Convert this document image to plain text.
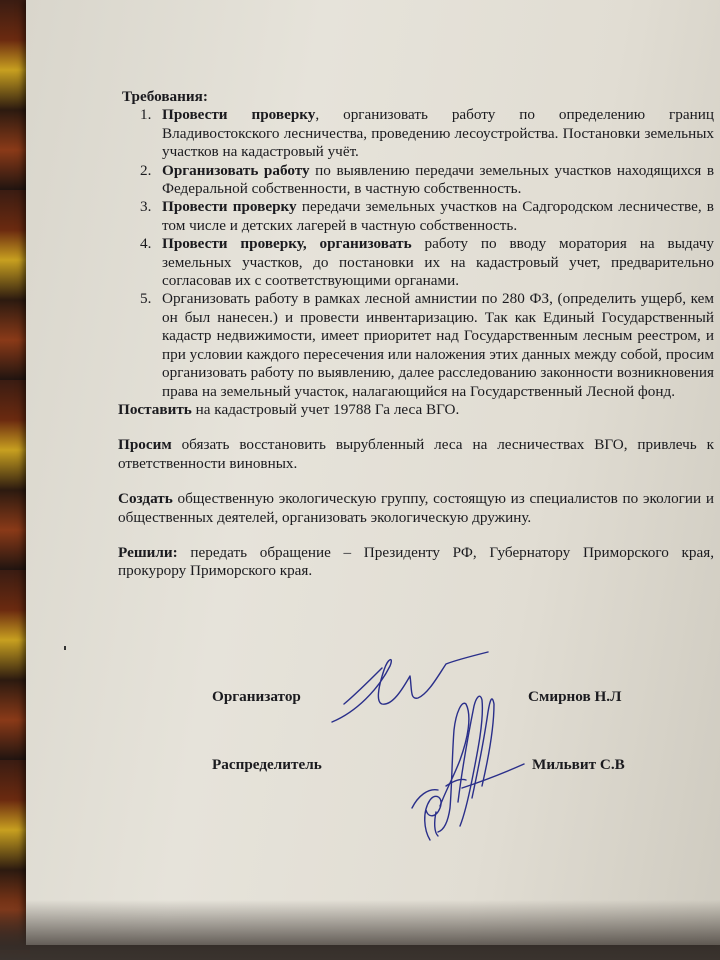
Требования:

1. Провести проверку, организовать работу по определению границ Владивостокского лесничества, проведению лесоустройства. Постановки земельных участков на кадастровый учёт.
2. Организовать работу по выявлению передачи земельных участков находящихся в Федеральной собственности, в частную собственность.
3. Провести проверку передачи земельных участков на Садгородском лесничестве, в том числе и детских лагерей в частную собственность.
4. Провести проверку, организовать работу по вводу моратория на выдачу земельных участков, до постановки их на кадастровый учет, предварительно согласовав их с соответствующими органами.
5. Организовать работу в рамках лесной амнистии по 280 ФЗ, (определить ущерб, кем он был нанесен.) и провести инвентаризацию. Так как Единый Государственный кадастр недвижимости, имеет приоритет над Государственным лесным реестром, и при условии каждого пересечения или наложения этих данных между собой, просим организовать работу по выявлению, далее расследованию законности возникновения права на земельный участок, налагающийся на Государственный Лесной фонд.

Поставить на кадастровый учет 19788 Га леса ВГО.

Просим обязать восстановить вырубленный леса на лесничествах ВГО, привлечь к ответственности виновных.

Создать общественную экологическую группу, состоящую из специалистов по экологии и общественных деятелей, организовать экологическую дружину.

Решили: передать обращение – Президенту РФ, Губернатору Приморского края, прокурору Приморского края.

Организатор	Смирнов Н.Л
Распределитель	Мильвит С.В
